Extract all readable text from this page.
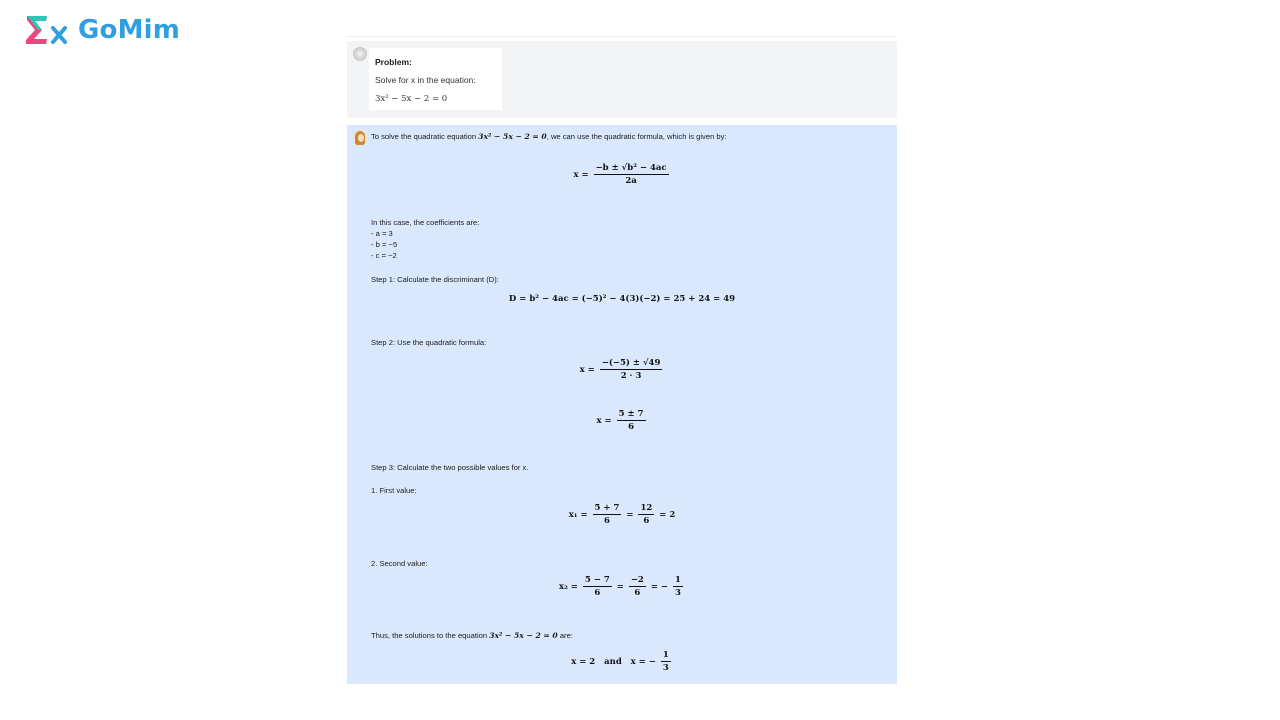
GoMim
Problem:
Solve for x in the equation:
3x² − 5x − 2 = 0
To solve the quadratic equation 3x² − 5x − 2 = 0, we can use the quadratic formula, which is given by:
$x = \frac{\text{−b ± √b² − 4ac}}{2a}$
In this case, the coefficients are:
- a = 3
- b = −5
- c = −2
Step 1: Calculate the discriminant (D):
D = b² − 4ac = (−5)² − 4(3)(−2) = 25 + 24 = 49
Step 2: Use the quadratic formula:
$x = \frac{-(-5) \pm √49}{2 \cdot 3}$
$x = \frac{5 \pm 7}{6}$
Step 3: Calculate the two possible values for x.
1. First value:
$x_1 = \frac{5 + 7}{6} = \frac{12}{6} = 2$
2. Second value:
$x_2 = \frac{5 - 7}{6} = \frac{-2}{6}$ = − $\frac{1}{3}$
Thus, the solutions to the equation 3x² − 5x − 2 = 0 are:
x = 2 and x = − $\frac{1}{3}$
